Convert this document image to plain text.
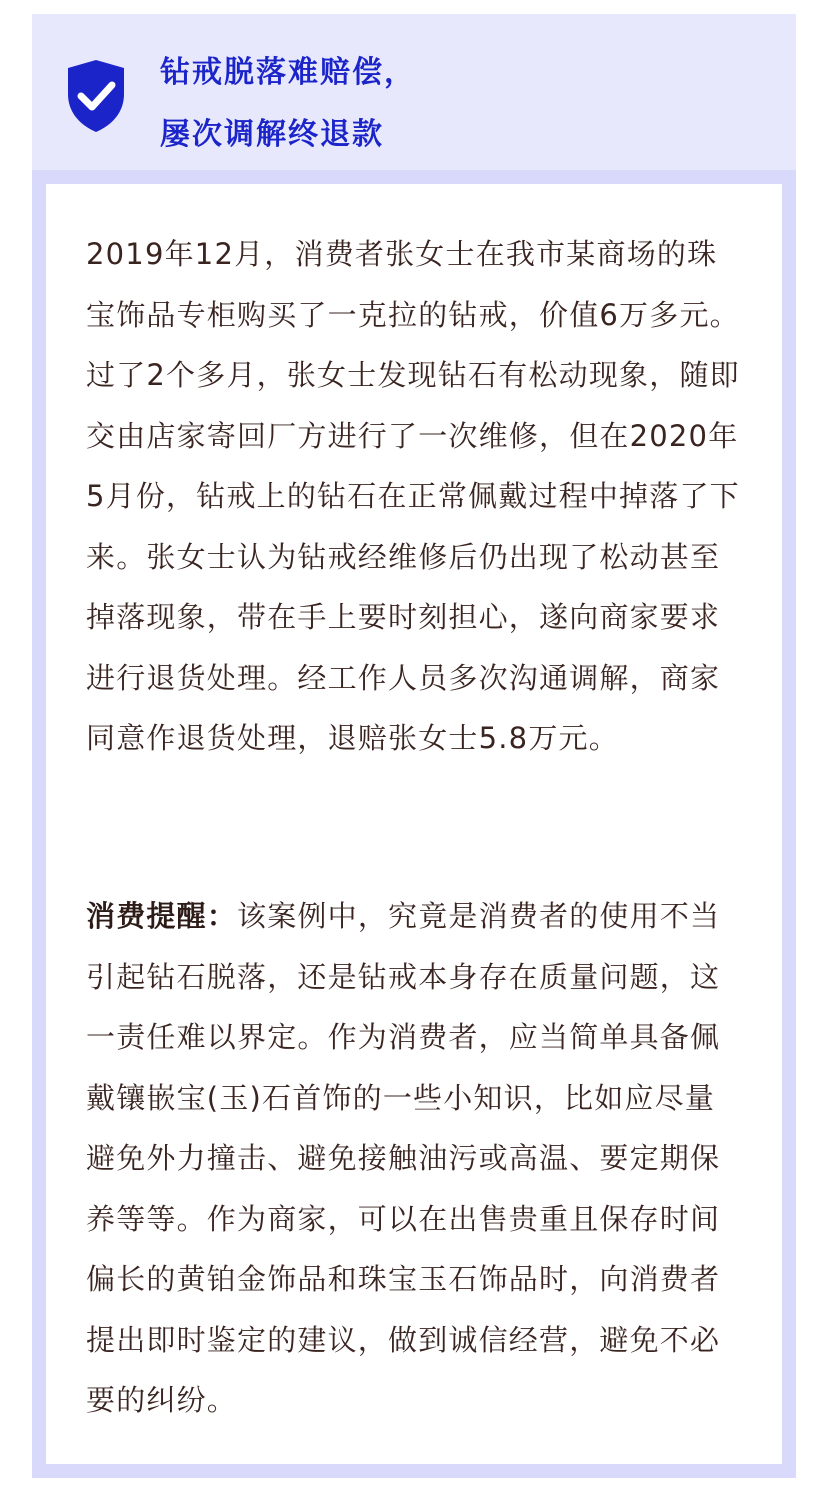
钻戒脱落难赔偿，
屡次调解终退款
2019年12月，消费者张女士在我市某商场的珠宝饰品专柜购买了一克拉的钻戒，价值6万多元。过了2个多月，张女士发现钻石有松动现象，随即交由店家寄回厂方进行了一次维修，但在2020年5月份，钻戒上的钻石在正常佩戴过程中掉落了下来。张女士认为钻戒经维修后仍出现了松动甚至掉落现象，带在手上要时刻担心，遂向商家要求进行退货处理。经工作人员多次沟通调解，商家同意作退货处理，退赔张女士5.8万元。
消费提醒：该案例中，究竟是消费者的使用不当引起钻石脱落，还是钻戒本身存在质量问题，这一责任难以界定。作为消费者，应当简单具备佩戴镶嵌宝(玉)石首饰的一些小知识，比如应尽量避免外力撞击、避免接触油污或高温、要定期保养等等。作为商家，可以在出售贵重且保存时间偏长的黄铂金饰品和珠宝玉石饰品时，向消费者提出即时鉴定的建议，做到诚信经营，避免不必要的纠纷。
